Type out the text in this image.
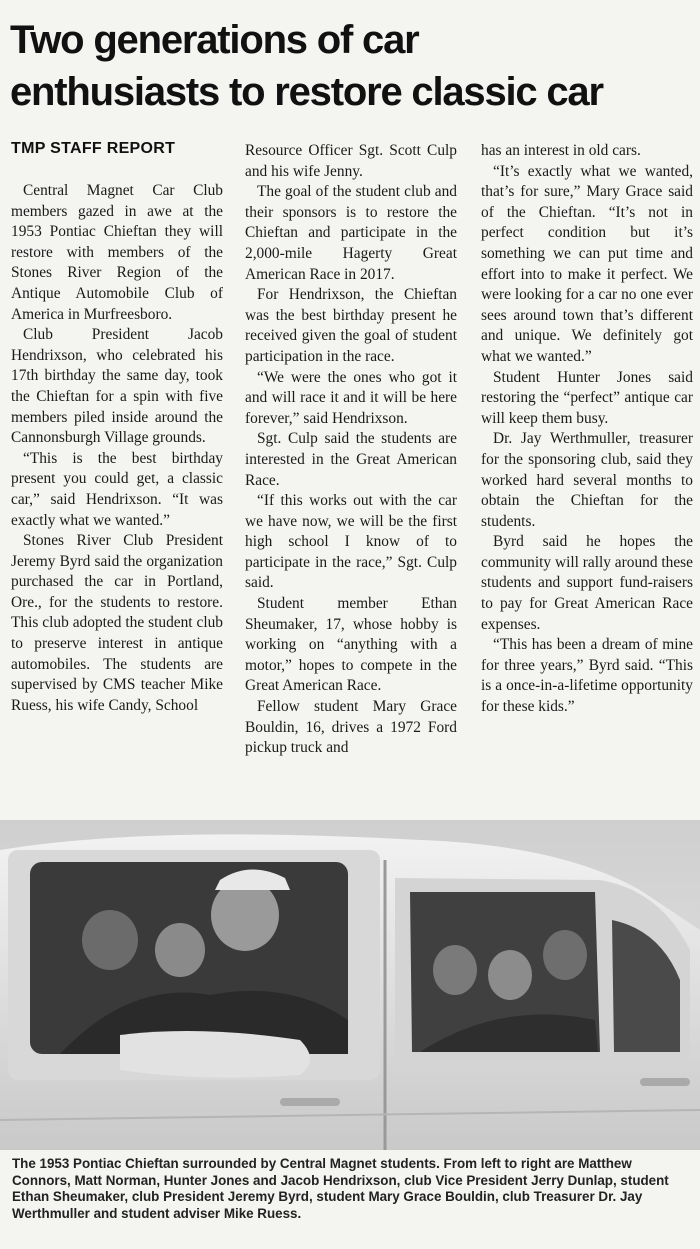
Two generations of car
enthusiasts to restore classic car
TMP STAFF REPORT

Central Magnet Car Club members gazed in awe at the 1953 Pontiac Chieftan they will restore with members of the Stones River Region of the Antique Automobile Club of America in Murfreesboro.

Club President Jacob Hendrixson, who celebrated his 17th birthday the same day, took the Chieftan for a spin with five members piled inside around the Cannonsburgh Village grounds.

“This is the best birthday present you could get, a classic car,” said Hendrixson. “It was exactly what we wanted.”

Stones River Club President Jeremy Byrd said the organization purchased the car in Portland, Ore., for the students to restore. This club adopted the student club to preserve interest in antique automobiles. The students are supervised by CMS teacher Mike Ruess, his wife Candy, School

Resource Officer Sgt. Scott Culp and his wife Jenny.

The goal of the student club and their sponsors is to restore the Chieftan and participate in the 2,000-mile Hagerty Great American Race in 2017.

For Hendrixson, the Chieftan was the best birthday present he received given the goal of student participation in the race.

“We were the ones who got it and will race it and it will be here forever,” said Hendrixson.

Sgt. Culp said the students are interested in the Great American Race.

“If this works out with the car we have now, we will be the first high school I know of to participate in the race,” Sgt. Culp said.

Student member Ethan Sheumaker, 17, whose hobby is working on “anything with a motor,” hopes to compete in the Great American Race.

Fellow student Mary Grace Bouldin, 16, drives a 1972 Ford pickup truck and

has an interest in old cars.

“It’s exactly what we wanted, that’s for sure,” Mary Grace said of the Chieftan. “It’s not in perfect condition but it’s something we can put time and effort into to make it perfect. We were looking for a car no one ever sees around town that’s different and unique. We definitely got what we wanted.”

Student Hunter Jones said restoring the “perfect” antique car will keep them busy.

Dr. Jay Werthmuller, treasurer for the sponsoring club, said they worked hard several months to obtain the Chieftan for the students.

Byrd said he hopes the community will rally around these students and support fund-raisers to pay for Great American Race expenses.

“This has been a dream of mine for three years,” Byrd said. “This is a once-in-a-lifetime opportunity for these kids.”

The 1953 Pontiac Chieftan surrounded by Central Magnet students. From left to right are Matthew Connors, Matt Norman, Hunter Jones and Jacob Hendrixson, club Vice President Jerry Dunlap, student Ethan Sheumaker, club President Jeremy Byrd, student Mary Grace Bouldin, club Treasurer Dr. Jay Werthmuller and student adviser Mike Ruess.
